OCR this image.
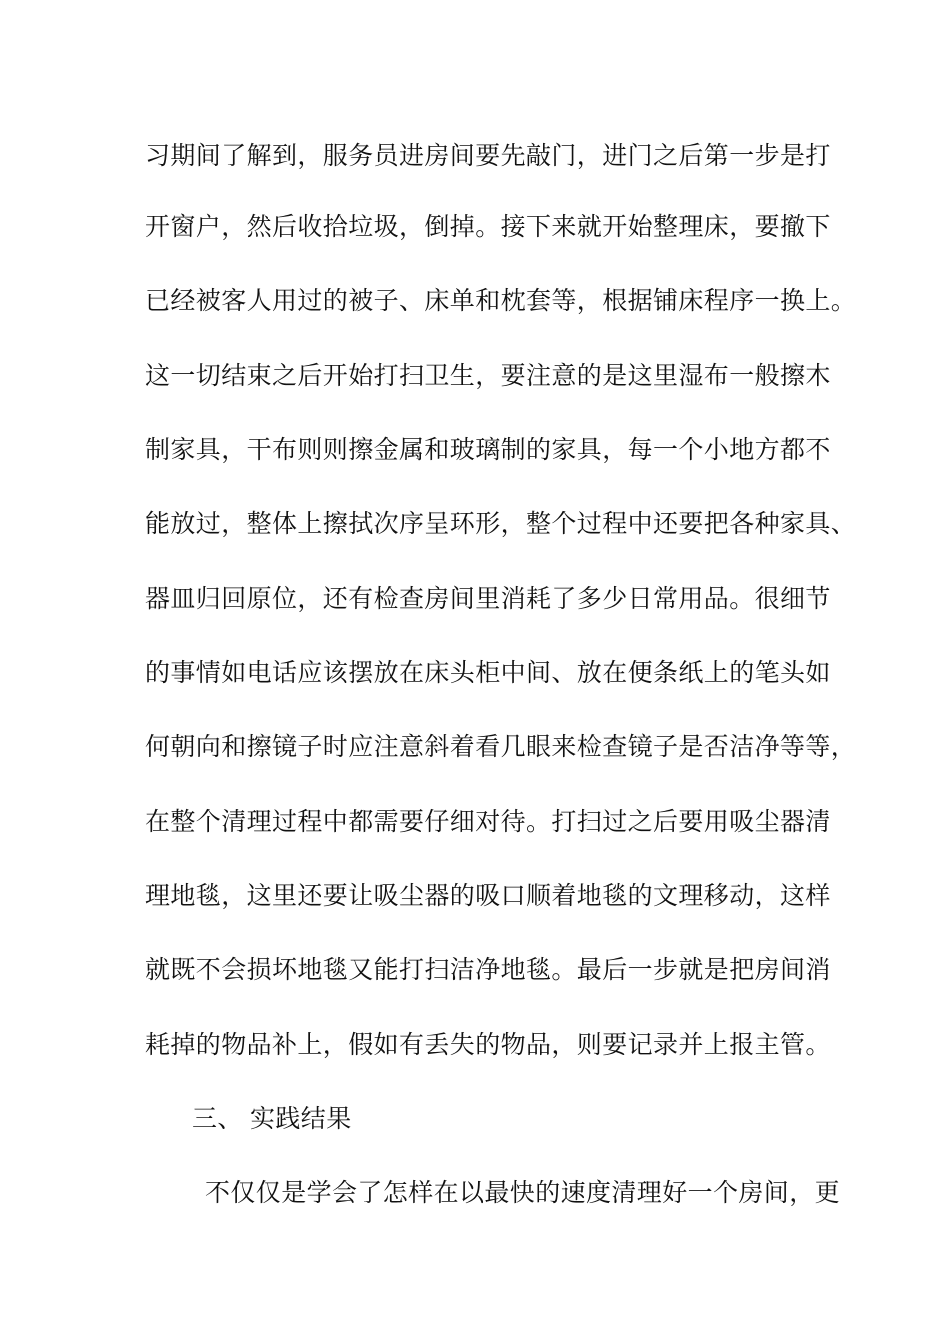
习期间了解到，服务员进房间要先敲门，进门之后第一步是打
开窗户，然后收拾垃圾，倒掉。接下来就开始整理床，要撤下
已经被客人用过的被子、床单和枕套等，根据铺床程序一换上。
这一切结束之后开始打扫卫生，要注意的是这里湿布一般擦木
制家具，干布则则擦金属和玻璃制的家具，每一个小地方都不
能放过，整体上擦拭次序呈环形，整个过程中还要把各种家具、
器皿归回原位，还有检查房间里消耗了多少日常用品。很细节
的事情如电话应该摆放在床头柜中间、放在便条纸上的笔头如
何朝向和擦镜子时应注意斜着看几眼来检查镜子是否洁净等等，
在整个清理过程中都需要仔细对待。打扫过之后要用吸尘器清
理地毯，这里还要让吸尘器的吸口顺着地毯的文理移动，这样
就既不会损坏地毯又能打扫洁净地毯。最后一步就是把房间消
耗掉的物品补上，假如有丢失的物品，则要记录并上报主管。
三、 实践结果
不仅仅是学会了怎样在以最快的速度清理好一个房间，更
